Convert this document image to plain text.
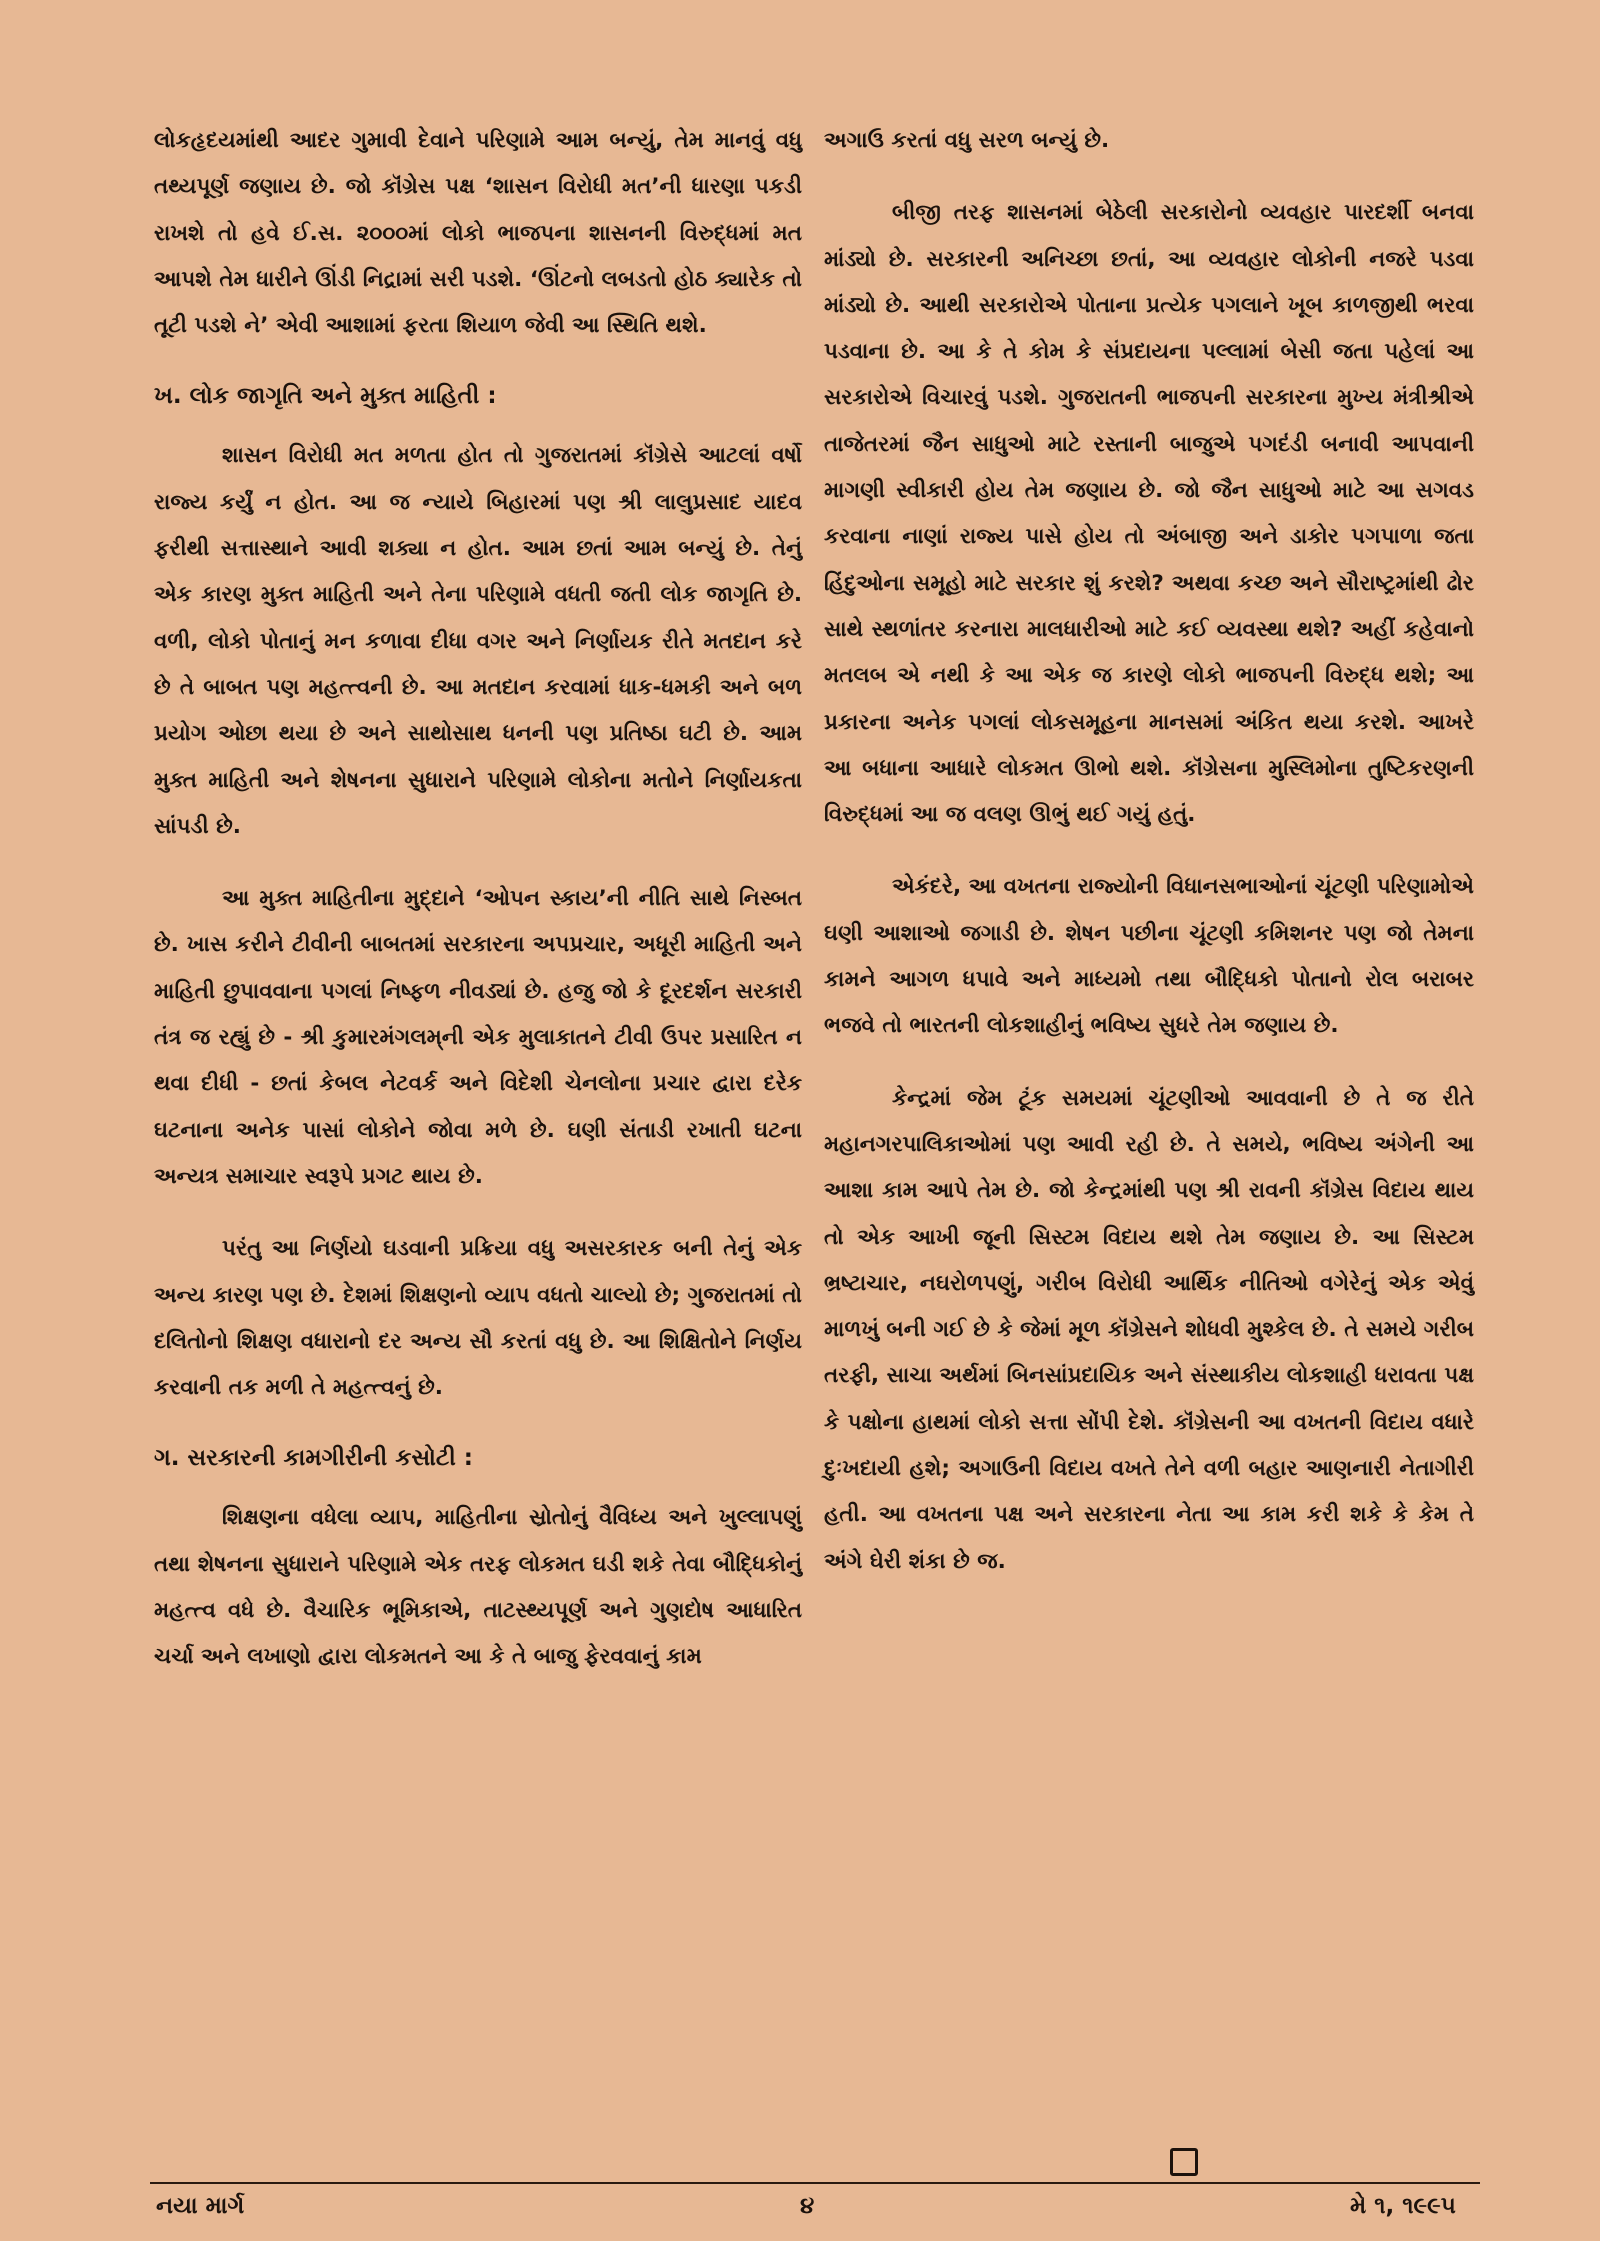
લોકહૃદયમાંથી આદર ગુમાવી દેવાને પરિણામે આમ બન્યું, તેમ માનવું વધુ તથ્યપૂર્ણ જણાય છે. જો કૉંગ્રેસ પક્ષ ‘શાસન વિરોધી મત’ની ધારણા પકડી રાખશે તો હવે ઈ.સ. ૨૦૦૦માં લોકો ભાજપના શાસનની વિરુદ્ધમાં મત આપશે તેમ ધારીને ઊંડી નિદ્રામાં સરી પડશે. ‘ઊંટનો લબડતો હોઠ ક્યારેક તો તૂટી પડશે ને’ એવી આશામાં ફરતા શિયાળ જેવી આ સ્થિતિ થશે.

ખ. લોક જાગૃતિ અને મુક્ત માહિતી :

શાસન વિરોધી મત મળતા હોત તો ગુજરાતમાં કૉંગ્રેસે આટલાં વર્ષો રાજ્ય કર્યું ન હોત. આ જ ન્યાયે બિહારમાં પણ શ્રી લાલુપ્રસાદ યાદવ ફરીથી સત્તાસ્થાને આવી શક્યા ન હોત. આમ છતાં આમ બન્યું છે. તેનું એક કારણ મુક્ત માહિતી અને તેના પરિણામે વધતી જતી લોક જાગૃતિ છે. વળી, લોકો પોતાનું મન કળાવા દીધા વગર અને નિર્ણાયક રીતે મતદાન કરે છે તે બાબત પણ મહત્ત્વની છે. આ મતદાન કરવામાં ધાક-ધમકી અને બળ પ્રયોગ ઓછા થયા છે અને સાથોસાથ ધનની પણ પ્રતિષ્ઠા ઘટી છે. આમ મુક્ત માહિતી અને શેષનના સુધારાને પરિણામે લોકોના મતોને નિર્ણાયકતા સાંપડી છે.

આ મુક્ત માહિતીના મુદ્દાને ‘ઓપન સ્કાય’ની નીતિ સાથે નિસ્બત છે. ખાસ કરીને ટીવીની બાબતમાં સરકારના અપપ્રચાર, અધૂરી માહિતી અને માહિતી છુપાવવાના પગલાં નિષ્ફળ નીવડ્યાં છે. હજુ જો કે દૂરદર્શન સરકારી તંત્ર જ રહ્યું છે - શ્રી કુમારમંગલમ્‌ની એક મુલાકાતને ટીવી ઉપર પ્રસારિત ન થવા દીધી - છતાં કેબલ નેટવર્ક અને વિદેશી ચેનલોના પ્રચાર દ્વારા દરેક ઘટનાના અનેક પાસાં લોકોને જોવા મળે છે. ઘણી સંતાડી રખાતી ઘટના અન્યત્ર સમાચાર સ્વરૂપે પ્રગટ થાય છે.

પરંતુ આ નિર્ણયો ઘડવાની પ્રક્રિયા વધુ અસરકારક બની તેનું એક અન્ય કારણ પણ છે. દેશમાં શિક્ષણનો વ્યાપ વધતો ચાલ્યો છે; ગુજરાતમાં તો દલિતોનો શિક્ષણ વધારાનો દર અન્ય સૌ કરતાં વધુ છે. આ શિક્ષિતોને નિર્ણય કરવાની તક મળી તે મહત્ત્વનું છે.

ગ. સરકારની કામગીરીની કસોટી :

શિક્ષણના વધેલા વ્યાપ, માહિતીના સ્રોતોનું વૈવિધ્ય અને ખુલ્લાપણું તથા શેષનના સુધારાને પરિણામે એક તરફ લોકમત ઘડી શકે તેવા બૌદ્ધિકોનું મહત્ત્વ વધે છે. વૈચારિક ભૂમિકાએ, તાટસ્થ્યપૂર્ણ અને ગુણદોષ આધારિત ચર્ચા અને લખાણો દ્વારા લોકમતને આ કે તે બાજુ ફેરવવાનું કામ

અગાઉ કરતાં વધુ સરળ બન્યું છે.

બીજી તરફ શાસનમાં બેઠેલી સરકારોનો વ્યવહાર પારદર્શી બનવા માંડ્યો છે. સરકારની અનિચ્છા છતાં, આ વ્યવહાર લોકોની નજરે પડવા માંડ્યો છે. આથી સરકારોએ પોતાના પ્રત્યેક પગલાને ખૂબ કાળજીથી ભરવા પડવાના છે. આ કે તે કોમ કે સંપ્રદાયના પલ્લામાં બેસી જતા પહેલાં આ સરકારોએ વિચારવું પડશે. ગુજરાતની ભાજપની સરકારના મુખ્ય મંત્રીશ્રીએ તાજેતરમાં જૈન સાધુઓ માટે રસ્તાની બાજુએ પગદંડી બનાવી આપવાની માગણી સ્વીકારી હોય તેમ જણાય છે. જો જૈન સાધુઓ માટે આ સગવડ કરવાના નાણાં રાજ્ય પાસે હોય તો અંબાજી અને ડાકોર પગપાળા જતા હિંદુઓના સમૂહો માટે સરકાર શું કરશે? અથવા કચ્છ અને સૌરાષ્ટ્રમાંથી ઢોર સાથે સ્થળાંતર કરનારા માલધારીઓ માટે કઈ વ્યવસ્થા થશે? અહીં કહેવાનો મતલબ એ નથી કે આ એક જ કારણે લોકો ભાજપની વિરુદ્ધ થશે; આ પ્રકારના અનેક પગલાં લોકસમૂહના માનસમાં અંકિત થયા કરશે. આખરે આ બધાના આધારે લોકમત ઊભો થશે. કૉંગ્રેસના મુસ્લિમોના તુષ્ટિકરણની વિરુદ્ધમાં આ જ વલણ ઊભું થઈ ગયું હતું.

એકંદરે, આ વખતના રાજ્યોની વિધાનસભાઓનાં ચૂંટણી પરિણામોએ ઘણી આશાઓ જગાડી છે. શેષન પછીના ચૂંટણી કમિશનર પણ જો તેમના કામને આગળ ધપાવે અને માધ્યમો તથા બૌદ્ધિકો પોતાનો રોલ બરાબર ભજવે તો ભારતની લોકશાહીનું ભવિષ્ય સુધરે તેમ જણાય છે.

કેન્દ્રમાં જેમ ટૂંક સમયમાં ચૂંટણીઓ આવવાની છે તે જ રીતે મહાનગરપાલિકાઓમાં પણ આવી રહી છે. તે સમયે, ભવિષ્ય અંગેની આ આશા કામ આપે તેમ છે. જો કેન્દ્રમાંથી પણ શ્રી રાવની કૉંગ્રેસ વિદાય થાય તો એક આખી જૂની સિસ્ટમ વિદાય થશે તેમ જણાય છે. આ સિસ્ટમ ભ્રષ્ટાચાર, નઘરોળપણું, ગરીબ વિરોધી આર્થિક નીતિઓ વગેરેનું એક એવું માળખું બની ગઈ છે કે જેમાં મૂળ કૉંગ્રેસને શોધવી મુશ્કેલ છે. તે સમયે ગરીબ તરફી, સાચા અર્થમાં બિનસાંપ્રદાયિક અને સંસ્થાકીય લોકશાહી ધરાવતા પક્ષ કે પક્ષોના હાથમાં લોકો સત્તા સોંપી દેશે. કૉંગ્રેસની આ વખતની વિદાય વધારે દુઃખદાયી હશે; અગાઉની વિદાય વખતે તેને વળી બહાર આણનારી નેતાગીરી હતી. આ વખતના પક્ષ અને સરકારના નેતા આ કામ કરી શકે કે કેમ તે અંગે ઘેરી શંકા છે જ.

નયા માર્ગ	૪	મે ૧, ૧૯૯૫
